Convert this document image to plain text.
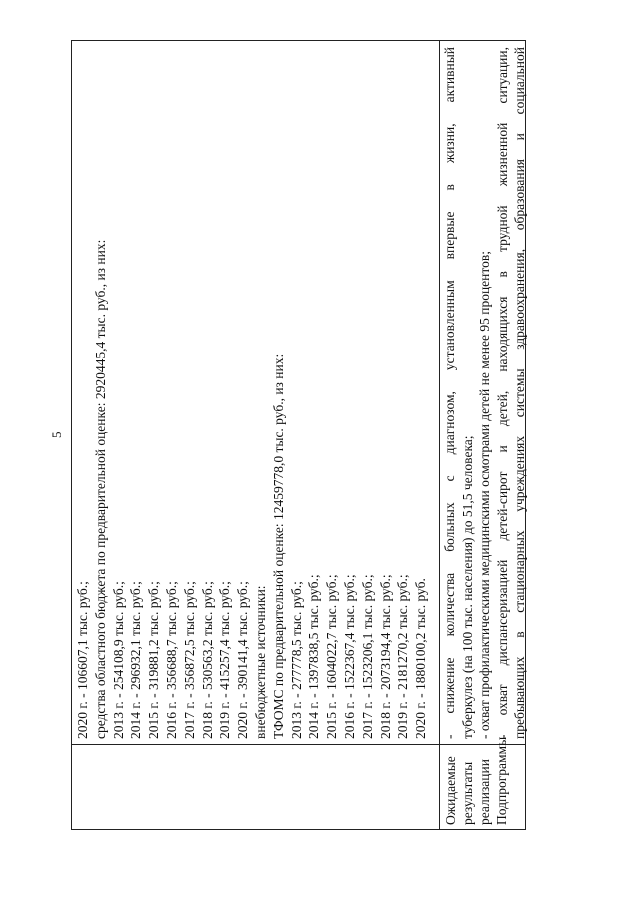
5
2020 г. - 106607,1 тыс. руб.; средства областного бюджета по предварительной оценке: 2920445,4 тыс. руб., из них: 2013 г. - 254108,9 тыс. руб.; 2014 г. - 296932,1 тыс. руб.; 2015 г. - 319881,2 тыс. руб.; 2016 г. - 356688,7 тыс. руб.; 2017 г. - 356872,5 тыс. руб.; 2018 г. - 530563,2 тыс. руб.; 2019 г. - 415257,4 тыс. руб.; 2020 г. - 390141,4 тыс. руб.; внебюджетные источники: ТФОМС по предварительной оценке: 12459778,0 тыс. руб., из них: 2013 г. - 277778,5 тыс. руб.; 2014 г. - 1397838,5 тыс. руб.; 2015 г. - 1604022,7 тыс. руб.; 2016 г. - 1522367,4 тыс. руб.; 2017 г. - 1523206,1 тыс. руб.; 2018 г. - 2073194,4 тыс. руб.; 2019 г. - 2181270,2 тыс. руб.; 2020 г. - 1880100,2 тыс. руб.
Ожидаемые результаты реализации Подпрограммы
- снижение количества больных с диагнозом, установленным впервые в жизни, активный туберкулез (на 100 тыс. населения) до 51,5 человека; - охват профилактическими медицинскими осмотрами детей не менее 95 процентов; - охват диспансеризацией детей-сирот и детей, находящихся в трудной жизненной ситуации, пребывающих в стационарных учреждениях системы здравоохранения, образования и социальной
